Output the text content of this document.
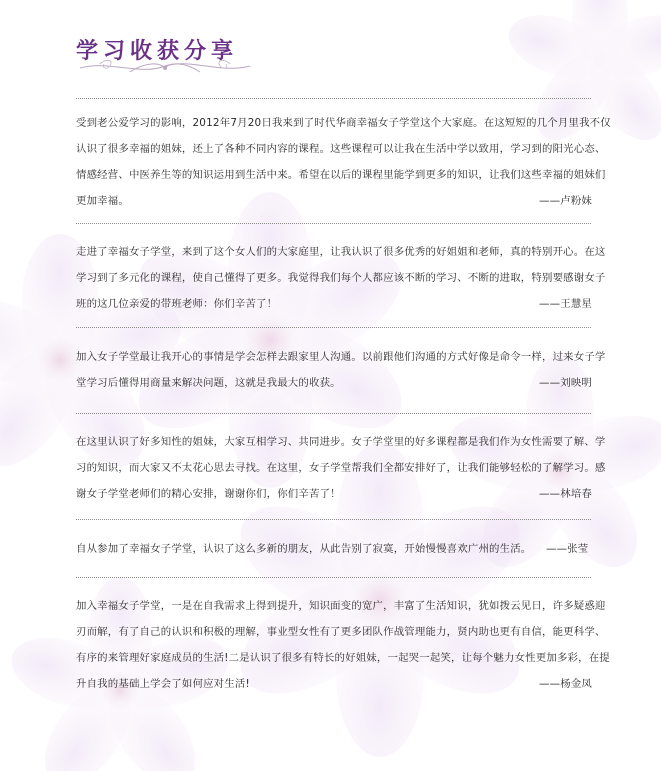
学习收获分享
受到老公爱学习的影响，2012年7月20日我来到了时代华商幸福女子学堂这个大家庭。在这短短的几个月里我不仅
认识了很多幸福的姐妹，还上了各种不同内容的课程。这些课程可以让我在生活中学以致用，学习到的阳光心态、
情感经营、中医养生等的知识运用到生活中来。希望在以后的课程里能学到更多的知识，让我们这些幸福的姐妹们
更加幸福。	——卢粉妹
走进了幸福女子学堂，来到了这个女人们的大家庭里，让我认识了很多优秀的好姐姐和老师，真的特别开心。在这
学习到了多元化的课程，使自己懂得了更多。我觉得我们每个人都应该不断的学习、不断的进取，特别要感谢女子
班的这几位亲爱的带班老师：你们辛苦了！	——王慧星
加入女子学堂最让我开心的事情是学会怎样去跟家里人沟通。以前跟他们沟通的方式好像是命令一样，过来女子学
堂学习后懂得用商量来解决问题，这就是我最大的收获。	——刘映明
在这里认识了好多知性的姐妹，大家互相学习、共同进步。女子学堂里的好多课程都是我们作为女性需要了解、学
习的知识，而大家又不太花心思去寻找。在这里，女子学堂帮我们全都安排好了，让我们能够轻松的了解学习。感
谢女子学堂老师们的精心安排，谢谢你们，你们辛苦了！	——林培春
自从参加了幸福女子学堂，认识了这么多新的朋友，从此告别了寂寞，开始慢慢喜欢广州的生活。 ——张莹
加入幸福女子学堂，一是在自我需求上得到提升，知识面变的宽广，丰富了生活知识，犹如拨云见日，许多疑惑迎
刃而解，有了自己的认识和积极的理解，事业型女性有了更多团队作战管理能力，贤内助也更有自信，能更科学、
有序的来管理好家庭成员的生活!二是认识了很多有特长的好姐妹，一起哭一起笑，让每个魅力女性更加多彩，在提
升自我的基础上学会了如何应对生活!	——杨金凤
